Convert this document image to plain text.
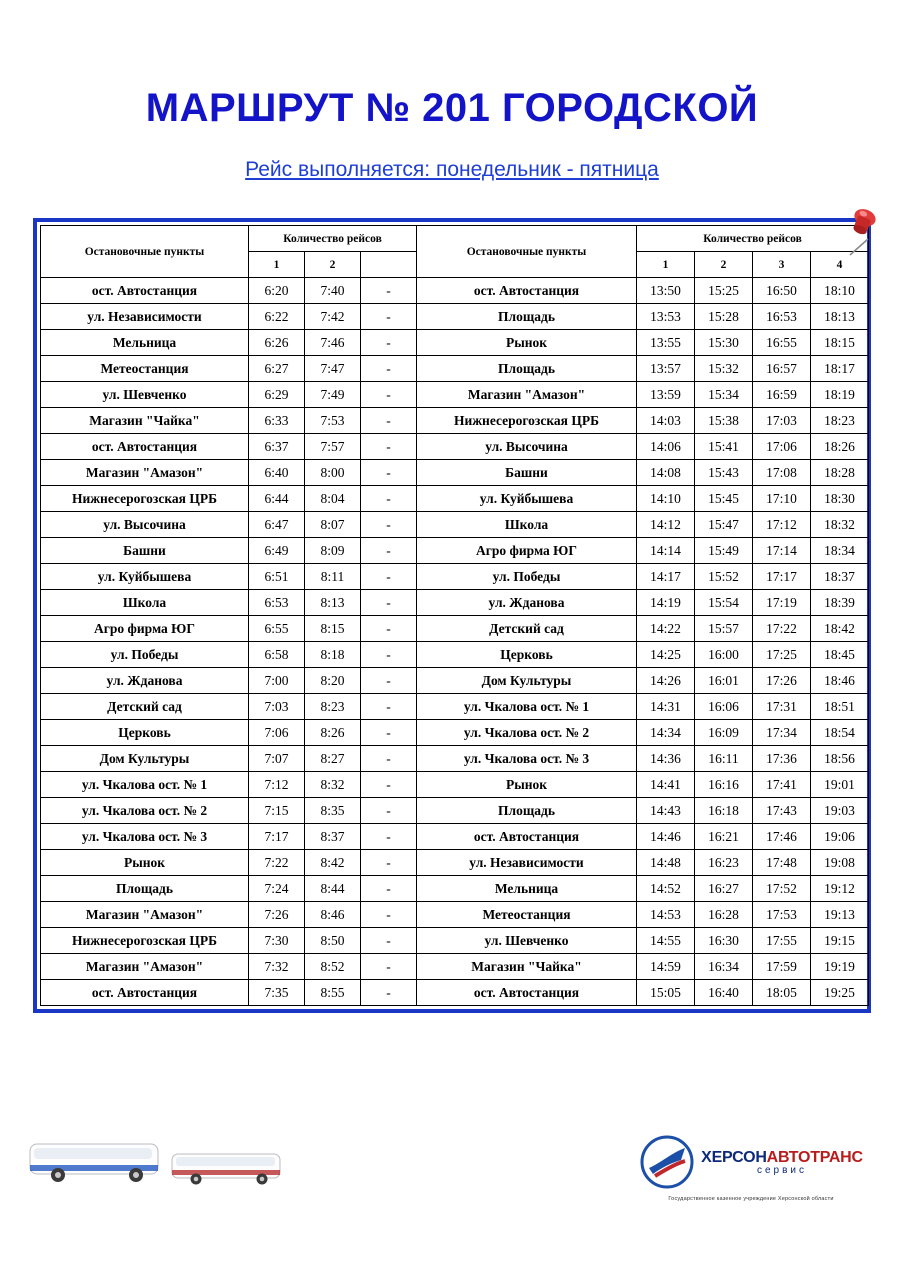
МАРШРУТ № 201 ГОРОДСКОЙ
Рейс выполняется: понедельник - пятница
Остановочные пункты	Количество рейсов			Остановочные пункты	Количество рейсов			
	1	2			1	2	3	4
ост. Автостанция	6:20	7:40	-	ост. Автостанция	13:50	15:25	16:50	18:10
ул. Независимости	6:22	7:42	-	Площадь	13:53	15:28	16:53	18:13
Мельница	6:26	7:46	-	Рынок	13:55	15:30	16:55	18:15
Метеостанция	6:27	7:47	-	Площадь	13:57	15:32	16:57	18:17
ул. Шевченко	6:29	7:49	-	Магазин "Амазон"	13:59	15:34	16:59	18:19
Магазин "Чайка"	6:33	7:53	-	Нижнесерогозская ЦРБ	14:03	15:38	17:03	18:23
ост. Автостанция	6:37	7:57	-	ул. Высочина	14:06	15:41	17:06	18:26
Магазин "Амазон"	6:40	8:00	-	Башни	14:08	15:43	17:08	18:28
Нижнесерогозская ЦРБ	6:44	8:04	-	ул. Куйбышева	14:10	15:45	17:10	18:30
ул. Высочина	6:47	8:07	-	Школа	14:12	15:47	17:12	18:32
Башни	6:49	8:09	-	Агро фирма ЮГ	14:14	15:49	17:14	18:34
ул. Куйбышева	6:51	8:11	-	ул. Победы	14:17	15:52	17:17	18:37
Школа	6:53	8:13	-	ул. Жданова	14:19	15:54	17:19	18:39
Агро фирма ЮГ	6:55	8:15	-	Детский сад	14:22	15:57	17:22	18:42
ул. Победы	6:58	8:18	-	Церковь	14:25	16:00	17:25	18:45
ул. Жданова	7:00	8:20	-	Дом Культуры	14:26	16:01	17:26	18:46
Детский сад	7:03	8:23	-	ул. Чкалова ост. № 1	14:31	16:06	17:31	18:51
Церковь	7:06	8:26	-	ул. Чкалова ост. № 2	14:34	16:09	17:34	18:54
Дом Культуры	7:07	8:27	-	ул. Чкалова ост. № 3	14:36	16:11	17:36	18:56
ул. Чкалова ост. № 1	7:12	8:32	-	Рынок	14:41	16:16	17:41	19:01
ул. Чкалова ост. № 2	7:15	8:35	-	Площадь	14:43	16:18	17:43	19:03
ул. Чкалова ост. № 3	7:17	8:37	-	ост. Автостанция	14:46	16:21	17:46	19:06
Рынок	7:22	8:42	-	ул. Независимости	14:48	16:23	17:48	19:08
Площадь	7:24	8:44	-	Мельница	14:52	16:27	17:52	19:12
Магазин "Амазон"	7:26	8:46	-	Метеостанция	14:53	16:28	17:53	19:13
Нижнесерогозская ЦРБ	7:30	8:50	-	ул. Шевченко	14:55	16:30	17:55	19:15
Магазин "Амазон"	7:32	8:52	-	Магазин "Чайка"	14:59	16:34	17:59	19:19
ост. Автостанция	7:35	8:55	-	ост. Автостанция	15:05	16:40	18:05	19:25
ХЕРСОНАВТОТРАНС
сервис
Государственное казенное учреждение Херсонской области
